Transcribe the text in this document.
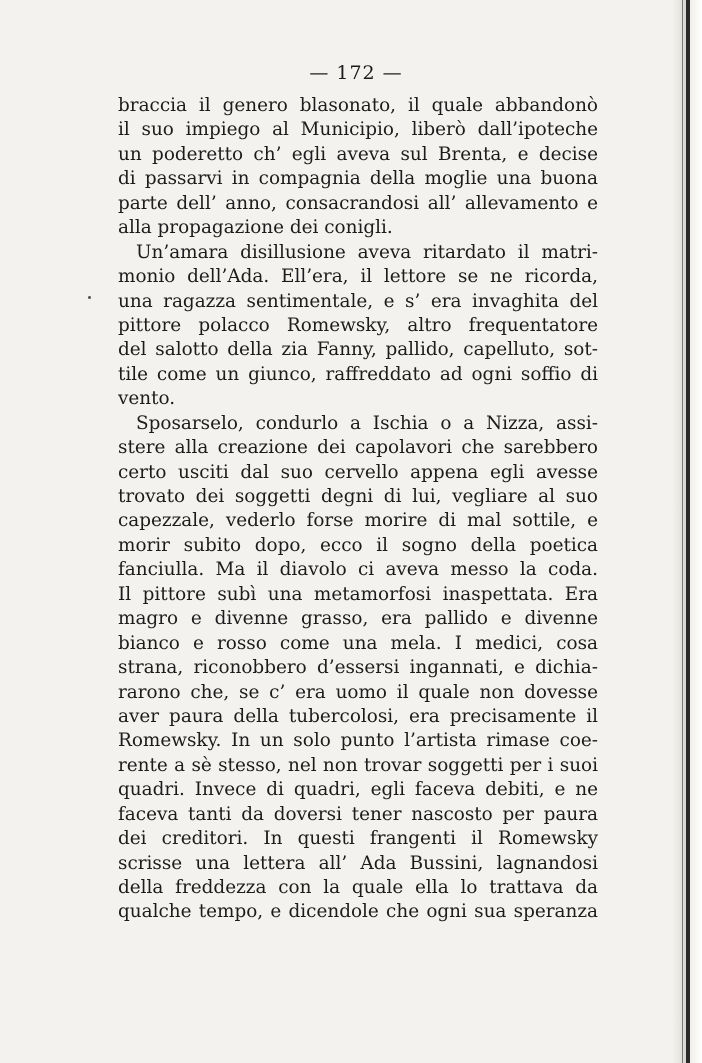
— 172 —
braccia il genero blasonato, il quale abbandonò
il suo impiego al Municipio, liberò dall’ipoteche
un poderetto ch’ egli aveva sul Brenta, e decise
di passarvi in compagnia della moglie una buona
parte dell’ anno, consacrandosi all’ allevamento e
alla propagazione dei conigli.
Un’amara disillusione aveva ritardato il matri-
monio dell’Ada. Ell’era, il lettore se ne ricorda,
una ragazza sentimentale, e s’ era invaghita del
pittore polacco Romewsky, altro frequentatore
del salotto della zia Fanny, pallido, capelluto, sot-
tile come un giunco, raffreddato ad ogni soffio di
vento.
Sposarselo, condurlo a Ischia o a Nizza, assi-
stere alla creazione dei capolavori che sarebbero
certo usciti dal suo cervello appena egli avesse
trovato dei soggetti degni di lui, vegliare al suo
capezzale, vederlo forse morire di mal sottile, e
morir subito dopo, ecco il sogno della poetica
fanciulla. Ma il diavolo ci aveva messo la coda.
Il pittore subì una metamorfosi inaspettata. Era
magro e divenne grasso, era pallido e divenne
bianco e rosso come una mela. I medici, cosa
strana, riconobbero d’essersi ingannati, e dichia-
rarono che, se c’ era uomo il quale non dovesse
aver paura della tubercolosi, era precisamente il
Romewsky. In un solo punto l’artista rimase coe-
rente a sè stesso, nel non trovar soggetti per i suoi
quadri. Invece di quadri, egli faceva debiti, e ne
faceva tanti da doversi tener nascosto per paura
dei creditori. In questi frangenti il Romewsky
scrisse una lettera all’ Ada Bussini, lagnandosi
della freddezza con la quale ella lo trattava da
qualche tempo, e dicendole che ogni sua speranza
